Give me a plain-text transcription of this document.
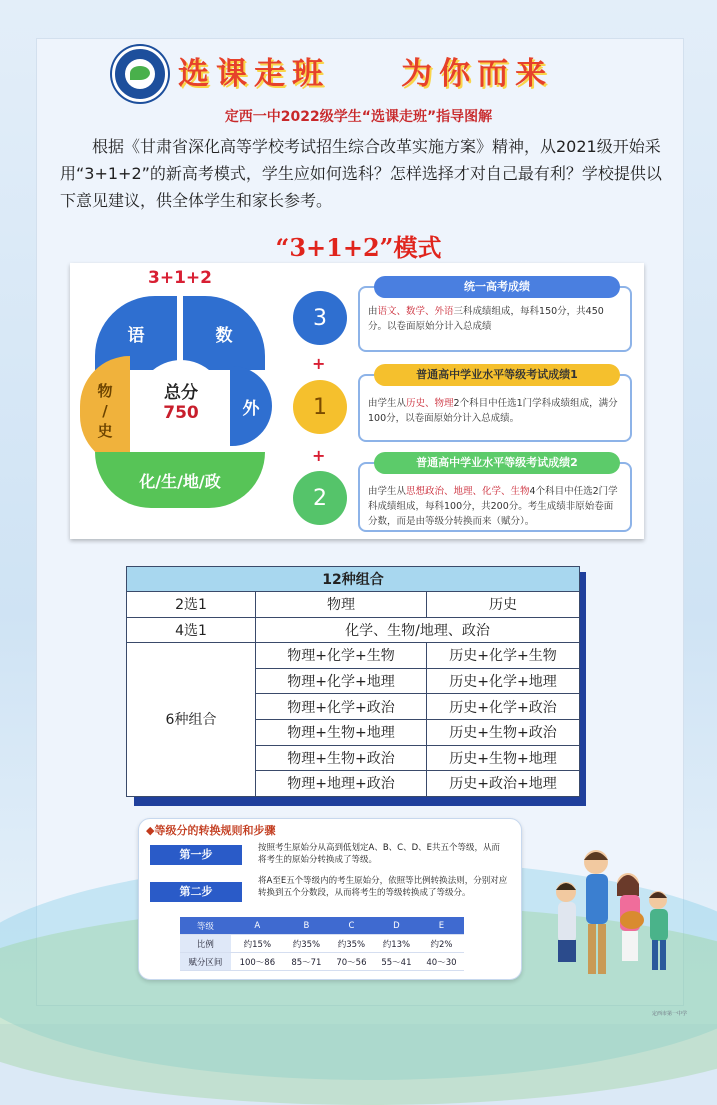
选课走班    为你而来
定西一中2022级学生“选课走班”指导图解
根据《甘肃省深化高等学校考试招生综合改革实施方案》精神，从2021级开始采用“3+1+2”的新高考模式，学生应如何选科？怎样选择才对自己最有利？学校提供以下意见建议，供全体学生和家长参考。
“3+1+2”模式
3+1+2
语	数
物
/
史
外
化/生/地/政
总分
750
3
+
1
+
2
由语文、数学、外语三科成绩组成，每科150分，共450分。以卷面原始分计入总成绩
统一高考成绩
由学生从历史、物理2个科目中任选1门学科成绩组成，满分100分，以卷面原始分计入总成绩。
普通高中学业水平等级考试成绩1
由学生从思想政治、地理、化学、生物4个科目中任选2门学科成绩组成，每科100分，共200分。考生成绩非原始卷面分数，而是由等级分转换而来（赋分）。
普通高中学业水平等级考试成绩2
12种组合		
2选1	物理	历史
4选1	化学、生物/地理、政治	
6种组合	物理+化学+生物	历史+化学+生物
	物理+化学+地理	历史+化学+地理
	物理+化学+政治	历史+化学+政治
	物理+生物+地理	历史+生物+政治
	物理+生物+政治	历史+生物+地理
	物理+地理+政治	历史+政治+地理
◆等级分的转换规则和步骤
第一步	按照考生原始分从高到低划定A、B、C、D、E共五个等级，从而将考生的原始分转换成了等级。
第二步
将A至E五个等级内的考生原始分，依照等比例转换法则，分别对应转换到五个分数段，从而将考生的等级转换成了等级分。
等级	A	B	C	D	E
比例	约15%	约35%	约35%	约13%	约2%
赋分区间	100～86	85～71	70～56	55～41	40～30
定西市第一中学
